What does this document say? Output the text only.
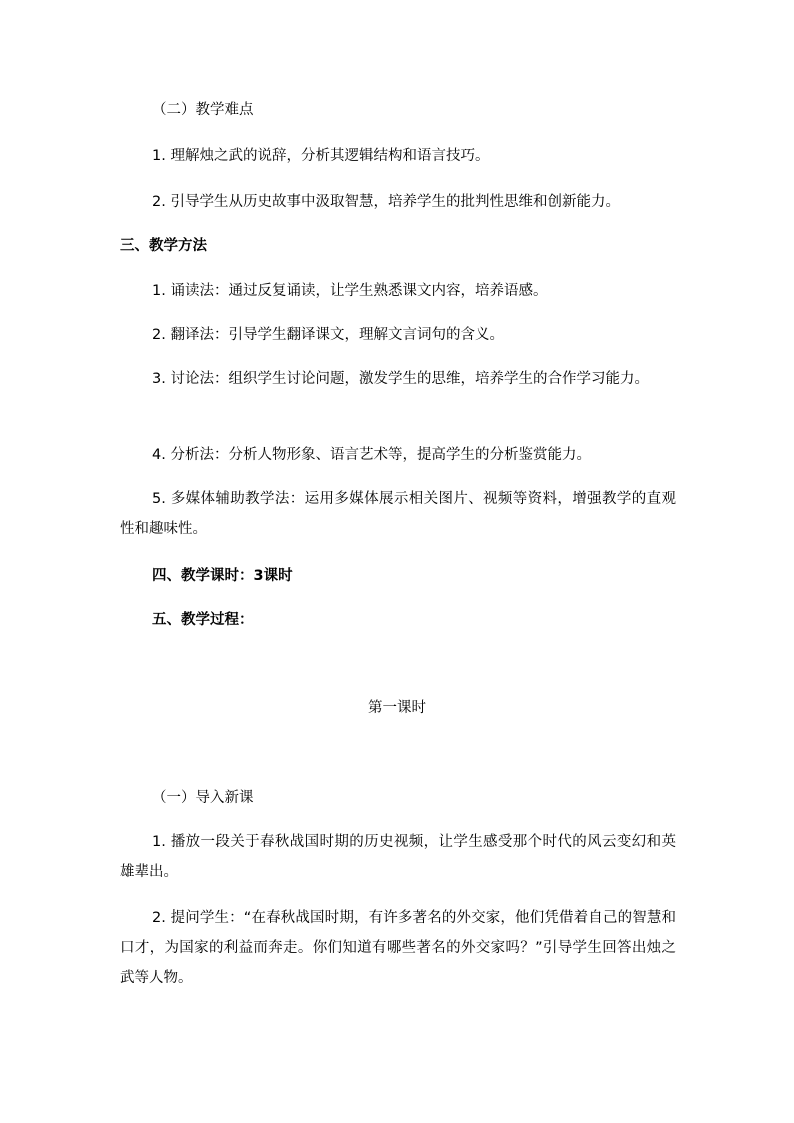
（二）教学难点
1. 理解烛之武的说辞，分析其逻辑结构和语言技巧。
2. 引导学生从历史故事中汲取智慧，培养学生的批判性思维和创新能力。
三、教学方法
1. 诵读法：通过反复诵读，让学生熟悉课文内容，培养语感。
2. 翻译法：引导学生翻译课文，理解文言词句的含义。
3. 讨论法：组织学生讨论问题，激发学生的思维，培养学生的合作学习能力。
4. 分析法：分析人物形象、语言艺术等，提高学生的分析鉴赏能力。
5. 多媒体辅助教学法：运用多媒体展示相关图片、视频等资料，增强教学的直观性和趣味性。
四、教学课时：3课时
五、教学过程：
第一课时
（一）导入新课
1. 播放一段关于春秋战国时期的历史视频，让学生感受那个时代的风云变幻和英雄辈出。
2. 提问学生：“在春秋战国时期，有许多著名的外交家，他们凭借着自己的智慧和口才，为国家的利益而奔走。你们知道有哪些著名的外交家吗？”引导学生回答出烛之武等人物。
